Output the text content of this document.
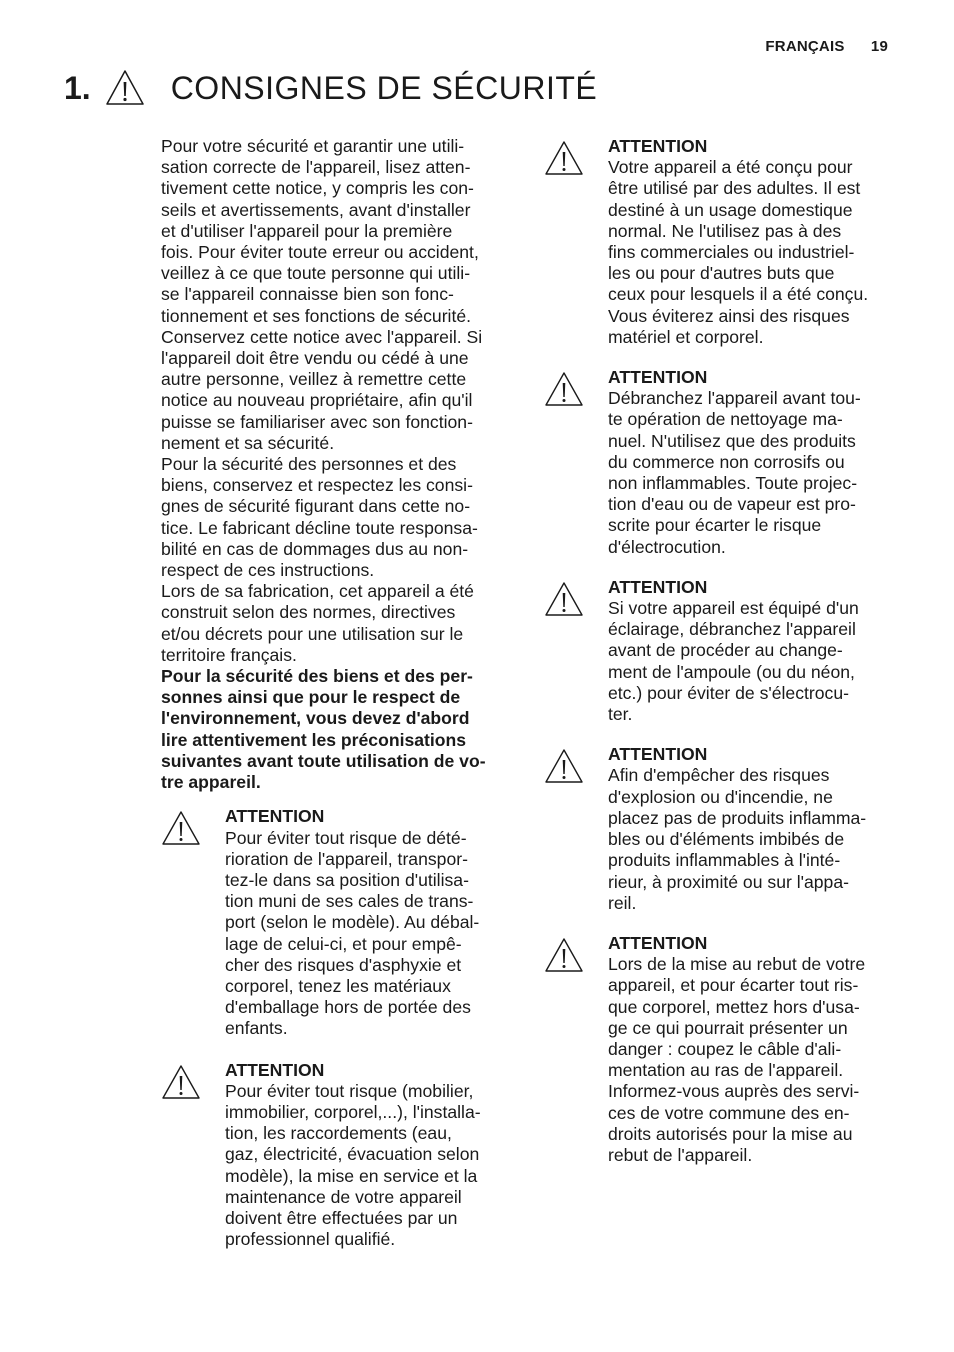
FRANÇAIS 19
1.	CONSIGNES DE SÉCURITÉ

Pour votre sécurité et garantir une utili-
sation correcte de l'appareil, lisez atten-
tivement cette notice, y compris les con-
seils et avertissements, avant d'installer
et d'utiliser l'appareil pour la première
fois. Pour éviter toute erreur ou accident,
veillez à ce que toute personne qui utili-
se l'appareil connaisse bien son fonc-
tionnement et ses fonctions de sécurité.
Conservez cette notice avec l'appareil. Si
l'appareil doit être vendu ou cédé à une
autre personne, veillez à remettre cette
notice au nouveau propriétaire, afin qu'il
puisse se familiariser avec son fonction-
nement et sa sécurité.

Pour la sécurité des personnes et des
biens, conservez et respectez les consi-
gnes de sécurité figurant dans cette no-
tice. Le fabricant décline toute responsa-
bilité en cas de dommages dus au non-
respect de ces instructions.

Lors de sa fabrication, cet appareil a été
construit selon des normes, directives
et/ou décrets pour une utilisation sur le
territoire français.

Pour la sécurité des biens et des per-
sonnes ainsi que pour le respect de
l'environnement, vous devez d'abord
lire attentivement les préconisations
suivantes avant toute utilisation de vo-
tre appareil.

ATTENTION

Pour éviter tout risque de dété-
rioration de l'appareil, transpor-
tez-le dans sa position d'utilisa-
tion muni de ses cales de trans-
port (selon le modèle). Au débal-
lage de celui-ci, et pour empê-
cher des risques d'asphyxie et
corporel, tenez les matériaux
d'emballage hors de portée des
enfants.

ATTENTION

Pour éviter tout risque (mobilier,
immobilier, corporel,...), l'installa-
tion, les raccordements (eau,
gaz, électricité, évacuation selon
modèle), la mise en service et la
maintenance de votre appareil
doivent être effectuées par un
professionnel qualifié.

ATTENTION

Votre appareil a été conçu pour
être utilisé par des adultes. Il est
destiné à un usage domestique
normal. Ne l'utilisez pas à des
fins commerciales ou industriel-
les ou pour d'autres buts que
ceux pour lesquels il a été conçu.
Vous éviterez ainsi des risques
matériel et corporel.

ATTENTION

Débranchez l'appareil avant tou-
te opération de nettoyage ma-
nuel. N'utilisez que des produits
du commerce non corrosifs ou
non inflammables. Toute projec-
tion d'eau ou de vapeur est pro-
scrite pour écarter le risque
d'électrocution.

ATTENTION

Si votre appareil est équipé d'un
éclairage, débranchez l'appareil
avant de procéder au change-
ment de l'ampoule (ou du néon,
etc.) pour éviter de s'électrocu-
ter.

ATTENTION

Afin d'empêcher des risques
d'explosion ou d'incendie, ne
placez pas de produits inflamma-
bles ou d'éléments imbibés de
produits inflammables à l'inté-
rieur, à proximité ou sur l'appa-
reil.

ATTENTION

Lors de la mise au rebut de votre
appareil, et pour écarter tout ris-
que corporel, mettez hors d'usa-
ge ce qui pourrait présenter un
danger : coupez le câble d'ali-
mentation au ras de l'appareil.
Informez-vous auprès des servi-
ces de votre commune des en-
droits autorisés pour la mise au
rebut de l'appareil.
